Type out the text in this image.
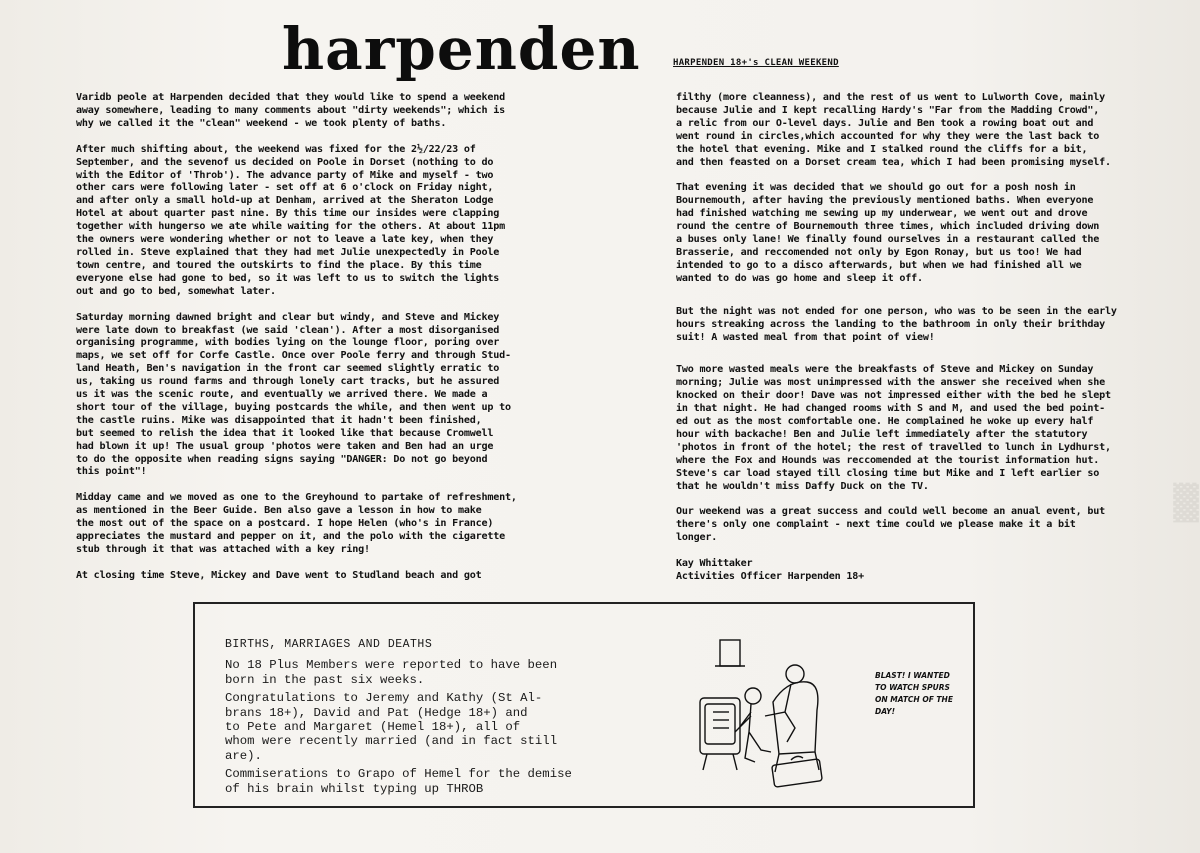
▓▓▓
harpenden	HARPENDEN 18+'s CLEAN WEEKEND

Varidb peole at Harpenden decided that they would like to spend a weekend
away somewhere, leading to many comments about "dirty weekends"; which is
why we called it the "clean" weekend - we took plenty of baths.

After much shifting about, the weekend was fixed for the 2½/22/23 of
September, and the sevenof us decided on Poole in Dorset (nothing to do
with the Editor of 'Throb'). The advance party of Mike and myself - two
other cars were following later - set off at 6 o'clock on Friday night,
and after only a small hold-up at Denham, arrived at the Sheraton Lodge
Hotel at about quarter past nine. By this time our insides were clapping
together with hungerso we ate while waiting for the others. At about 11pm
the owners were wondering whether or not to leave a late key, when they
rolled in. Steve explained that they had met Julie unexpectedly in Poole
town centre, and toured the outskirts to find the place. By this time
everyone else had gone to bed, so it was left to us to switch the lights
out and go to bed, somewhat later.

Saturday morning dawned bright and clear but windy, and Steve and Mickey
were late down to breakfast (we said 'clean'). After a most disorganised
organising programme, with bodies lying on the lounge floor, poring over
maps, we set off for Corfe Castle. Once over Poole ferry and through Stud-
land Heath, Ben's navigation in the front car seemed slightly erratic to
us, taking us round farms and through lonely cart tracks, but he assured
us it was the scenic route, and eventually we arrived there. We made a
short tour of the village, buying postcards the while, and then went up to
the castle ruins. Mike was disappointed that it hadn't been finished,
but seemed to relish the idea that it looked like that because Cromwell
had blown it up! The usual group 'photos were taken and Ben had an urge
to do the opposite when reading signs saying "DANGER: Do not go beyond
this point"!

Midday came and we moved as one to the Greyhound to partake of refreshment,
as mentioned in the Beer Guide. Ben also gave a lesson in how to make
the most out of the space on a postcard. I hope Helen (who's in France)
appreciates the mustard and pepper on it, and the polo with the cigarette
stub through it that was attached with a key ring!

At closing time Steve, Mickey and Dave went to Studland beach and got

filthy (more cleanness), and the rest of us went to Lulworth Cove, mainly
because Julie and I kept recalling Hardy's "Far from the Madding Crowd",
a relic from our O-level days. Julie and Ben took a rowing boat out and
went round in circles,which accounted for why they were the last back to
the hotel that evening. Mike and I stalked round the cliffs for a bit,
and then feasted on a Dorset cream tea, which I had been promising myself.

That evening it was decided that we should go out for a posh nosh in
Bournemouth, after having the previously mentioned baths. When everyone
had finished watching me sewing up my underwear, we went out and drove
round the centre of Bournemouth three times, which included driving down
a buses only lane! We finally found ourselves in a restaurant called the
Brasserie, and reccomended not only by Egon Ronay, but us too! We had
intended to go to a disco afterwards, but when we had finished all we
wanted to do was go home and sleep it off.

But the night was not ended for one person, who was to be seen in the early
hours streaking across the landing to the bathroom in only their brithday
suit! A wasted meal from that point of view!

Two more wasted meals were the breakfasts of Steve and Mickey on Sunday
morning; Julie was most unimpressed with the answer she received when she
knocked on their door! Dave was not impressed either with the bed he slept
in that night. He had changed rooms with S and M, and used the bed point-
ed out as the most comfortable one. He complained he woke up every half
hour with backache! Ben and Julie left immediately after the statutory
'photos in front of the hotel; the rest of travelled to lunch in Lydhurst,
where the Fox and Hounds was reccomended at the tourist information hut.
Steve's car load stayed till closing time but Mike and I left earlier so
that he wouldn't miss Daffy Duck on the TV.

Our weekend was a great success and could well become an anual event, but
there's only one complaint - next time could we please make it a bit
longer.

Kay Whittaker
Activities Officer Harpenden 18+

BIRTHS, MARRIAGES AND DEATHS

No 18 Plus Members were reported to have been
born in the past six weeks.

Congratulations to Jeremy and Kathy (St Al-
brans 18+), David and Pat (Hedge 18+) and
to Pete and Margaret (Hemel 18+), all of
whom were recently married (and in fact still
are).

Commiserations to Grapo of Hemel for the demise
of his brain whilst typing up THROB

BLAST! I WANTED
TO WATCH SPURS
ON MATCH OF THE
DAY!
